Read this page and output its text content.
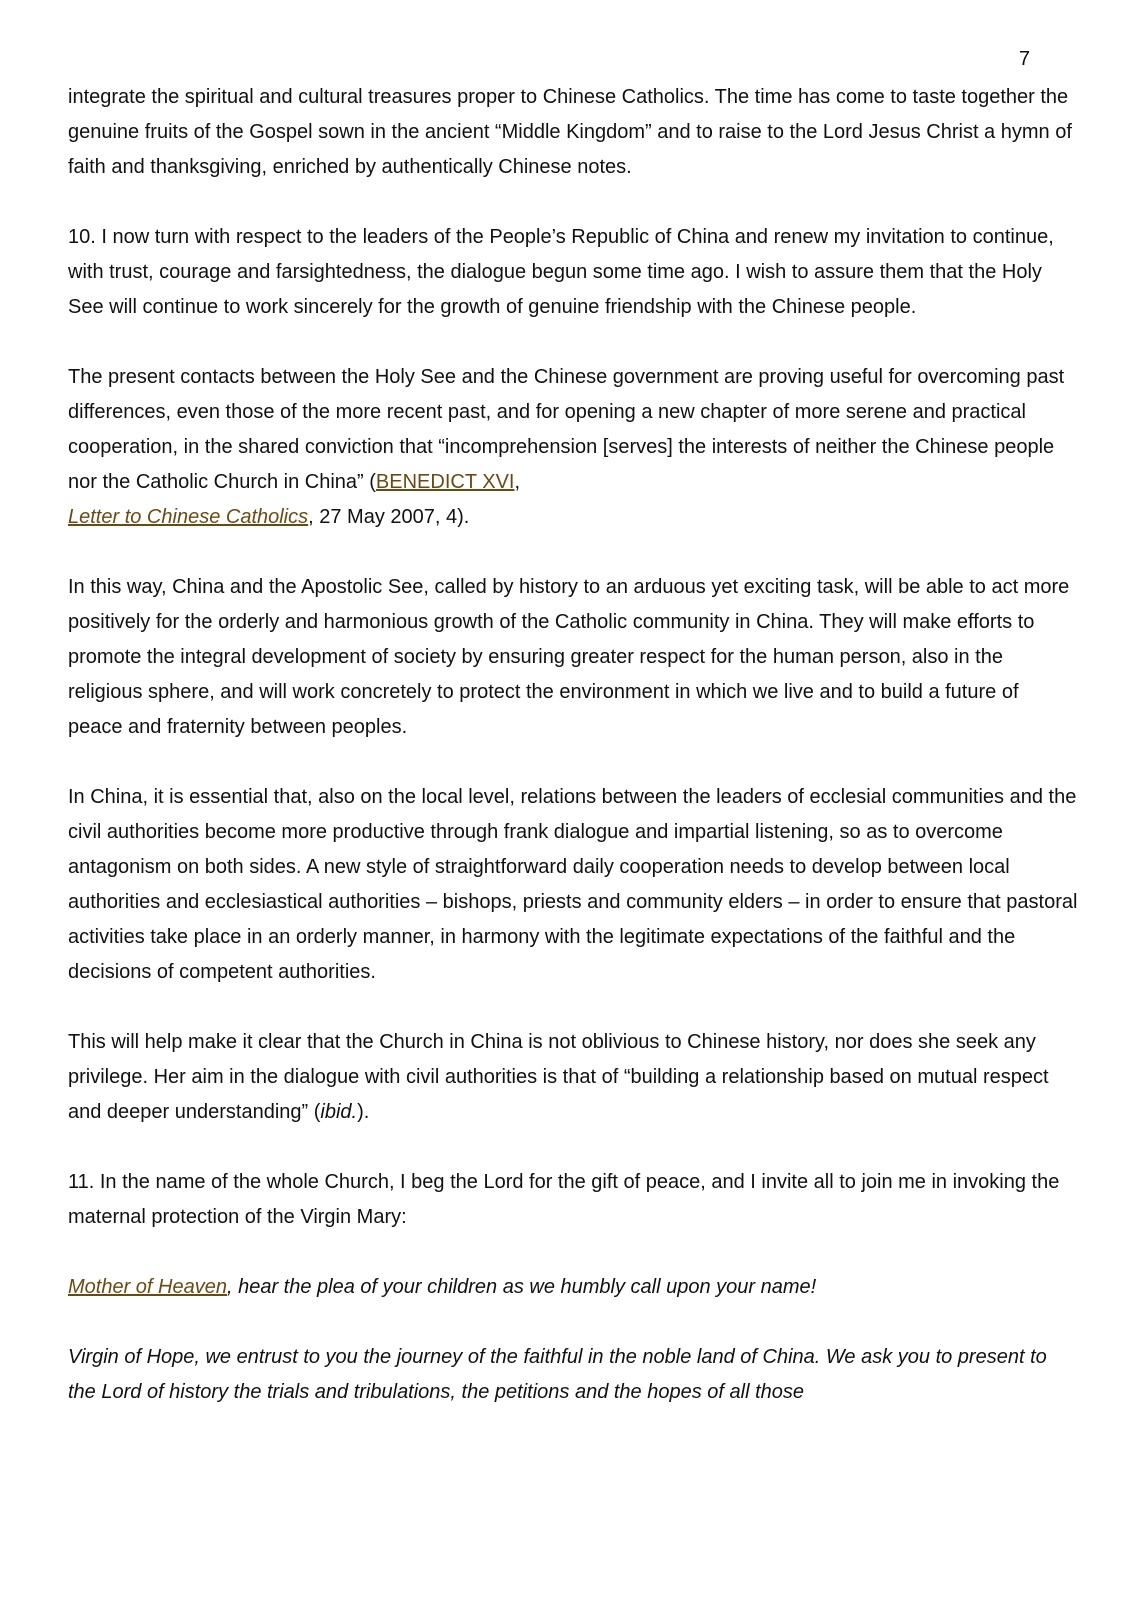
7

integrate the spiritual and cultural treasures proper to Chinese Catholics. The time has come to taste together the genuine fruits of the Gospel sown in the ancient “Middle Kingdom” and to raise to the Lord Jesus Christ a hymn of faith and thanksgiving, enriched by authentically Chinese notes.

10. I now turn with respect to the leaders of the People’s Republic of China and renew my invitation to continue, with trust, courage and farsightedness, the dialogue begun some time ago. I wish to assure them that the Holy See will continue to work sincerely for the growth of genuine friendship with the Chinese people.

The present contacts between the Holy See and the Chinese government are proving useful for overcoming past differences, even those of the more recent past, and for opening a new chapter of more serene and practical cooperation, in the shared conviction that “incomprehension [serves] the interests of neither the Chinese people nor the Catholic Church in China” (BENEDICT XVI,
Letter to Chinese Catholics, 27 May 2007, 4).

In this way, China and the Apostolic See, called by history to an arduous yet exciting task, will be able to act more positively for the orderly and harmonious growth of the Catholic community in China. They will make efforts to promote the integral development of society by ensuring greater respect for the human person, also in the religious sphere, and will work concretely to protect the environment in which we live and to build a future of peace and fraternity between peoples.

In China, it is essential that, also on the local level, relations between the leaders of ecclesial communities and the civil authorities become more productive through frank dialogue and impartial listening, so as to overcome antagonism on both sides. A new style of straightforward daily cooperation needs to develop between local authorities and ecclesiastical authorities – bishops, priests and community elders – in order to ensure that pastoral activities take place in an orderly manner, in harmony with the legitimate expectations of the faithful and the decisions of competent authorities.

This will help make it clear that the Church in China is not oblivious to Chinese history, nor does she seek any privilege. Her aim in the dialogue with civil authorities is that of “building a relationship based on mutual respect and deeper understanding” (ibid.).

11. In the name of the whole Church, I beg the Lord for the gift of peace, and I invite all to join me in invoking the maternal protection of the Virgin Mary:

Mother of Heaven, hear the plea of your children as we humbly call upon your name!

Virgin of Hope, we entrust to you the journey of the faithful in the noble land of China. We ask you to present to the Lord of history the trials and tribulations, the petitions and the hopes of all those
